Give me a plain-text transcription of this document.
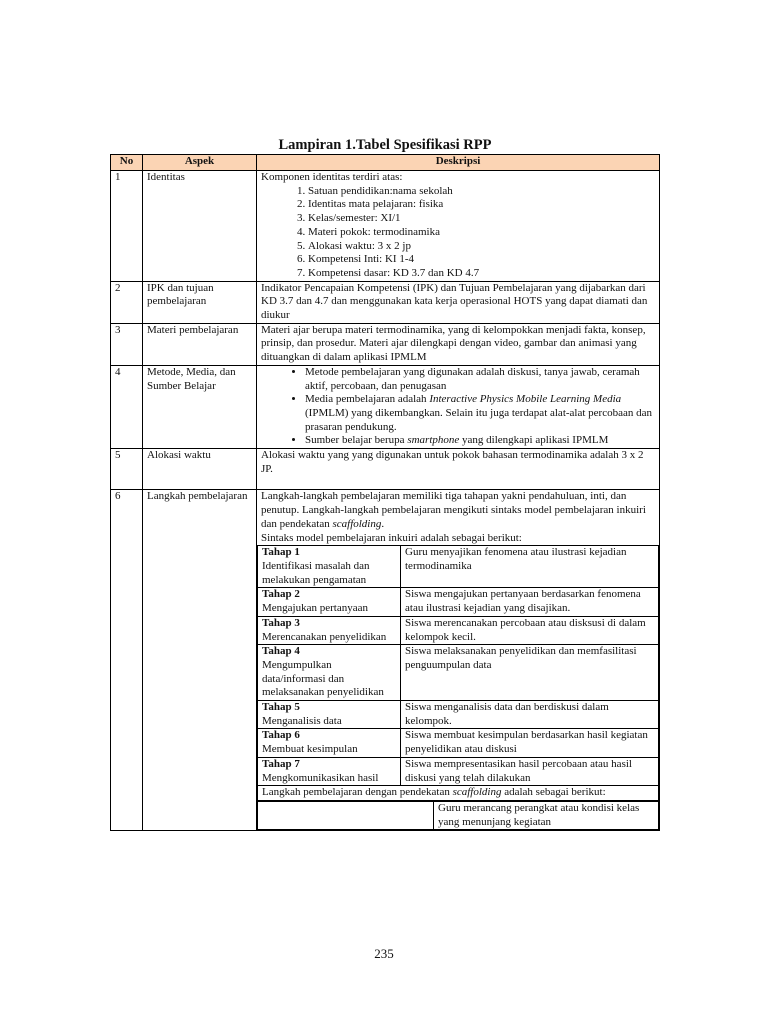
Lampiran 1.Tabel Spesifikasi RPP

No	Aspek	Deskripsi
1	Identitas	Komponen identitas terdiri atas:
1. Satuan pendidikan:nama sekolah
2. Identitas mata pelajaran: fisika
3. Kelas/semester: XI/1
4. Materi pokok: termodinamika
5. Alokasi waktu: 3 x 2 jp
6. Kompetensi Inti: KI 1-4
7. Kompetensi dasar: KD 3.7 dan KD 4.7

2	IPK dan tujuan pembelajaran	Indikator Pencapaian Kompetensi (IPK) dan Tujuan Pembelajaran yang dijabarkan dari KD 3.7 dan 4.7 dan menggunakan kata kerja operasional HOTS yang dapat diamati dan diukur
3	Materi pembelajaran	Materi ajar berupa materi termodinamika, yang di kelompokkan menjadi fakta, konsep, prinsip, dan prosedur. Materi ajar dilengkapi dengan video, gambar dan animasi yang dituangkan di dalam aplikasi IPMLM
4	Metode, Media, dan Sumber Belajar	
• Metode pembelajaran yang digunakan adalah diskusi, tanya jawab, ceramah aktif, percobaan, dan penugasan
• Media pembelajaran adalah Interactive Physics Mobile Learning Media (IPMLM) yang dikembangkan. Selain itu juga terdapat alat-alat percobaan dan prasaran pendukung.
• Sumber belajar berupa smartphone yang dilengkapi aplikasi IPMLM

5	Alokasi waktu	Alokasi waktu yang yang digunakan untuk pokok bahasan termodinamika adalah 3 x 2 JP.

6	Langkah pembelajaran	Langkah-langkah pembelajaran memiliki tiga tahapan yakni pendahuluan, inti, dan penutup. Langkah-langkah pembelajaran mengikuti sintaks model pembelajaran inkuiri dan pendekatan scaffolding.
Sintaks model pembelajaran inkuiri adalah sebagai berikut:
Tahap 1
Identifikasi masalah dan melakukan pengamatan
	Guru menyajikan fenomena atau ilustrasi kejadian termodinamika

Tahap 2
Mengajukan pertanyaan
	Siswa mengajukan pertanyaan berdasarkan fenomena atau ilustrasi kejadian yang disajikan.

Tahap 3
Merencanakan penyelidikan
	Siswa merencanakan percobaan atau disksusi di dalam kelompok kecil.

Tahap 4
Mengumpulkan data/informasi dan melaksanakan penyelidikan
	Siswa melaksanakan penyelidikan dan memfasilitasi penguumpulan data

Tahap 5
Menganalisis data
	Siswa menganalisis data dan berdiskusi dalam kelompok.

Tahap 6
Membuat kesimpulan
	Siswa membuat kesimpulan berdasarkan hasil kegiatan penyelidikan atau diskusi

Tahap 7
Mengkomunikasikan hasil
	Siswa mempresentasikan hasil percobaan atau hasil diskusi yang telah dilakukan
Langkah pembelajaran dengan pendekatan scaffolding adalah sebagai berikut:
	Guru merancang perangkat atau kondisi kelas yang menunjang kegiatan

235
